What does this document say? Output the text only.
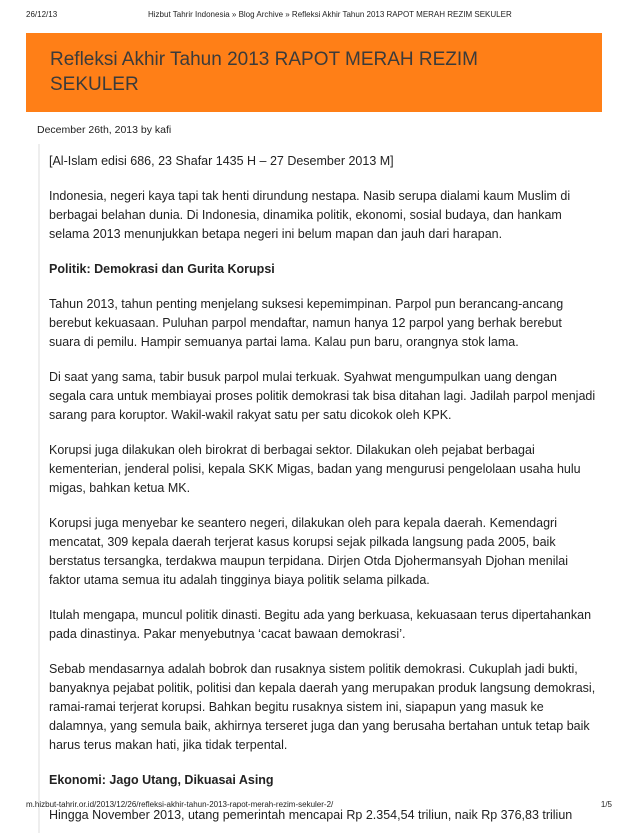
26/12/13	Hizbut Tahrir Indonesia » Blog Archive » Refleksi Akhir Tahun 2013 RAPOT MERAH REZIM SEKULER
Refleksi Akhir Tahun 2013 RAPOT MERAH REZIM SEKULER
December 26th, 2013 by kafi

[Al-Islam edisi 686, 23 Shafar 1435 H – 27 Desember 2013 M]

Indonesia, negeri kaya tapi tak henti dirundung nestapa. Nasib serupa dialami kaum Muslim di berbagai belahan dunia. Di Indonesia, dinamika politik, ekonomi, sosial budaya, dan hankam selama 2013 menunjukkan betapa negeri ini belum mapan dan jauh dari harapan.

Politik: Demokrasi dan Gurita Korupsi

Tahun 2013, tahun penting menjelang suksesi kepemimpinan. Parpol pun berancang-ancang berebut kekuasaan. Puluhan parpol mendaftar, namun hanya 12 parpol yang berhak berebut suara di pemilu. Hampir semuanya partai lama. Kalau pun baru, orangnya stok lama.

Di saat yang sama, tabir busuk parpol mulai terkuak. Syahwat mengumpulkan uang dengan segala cara untuk membiayai proses politik demokrasi tak bisa ditahan lagi. Jadilah parpol menjadi sarang para koruptor. Wakil-wakil rakyat satu per satu dicokok oleh KPK.

Korupsi juga dilakukan oleh birokrat di berbagai sektor. Dilakukan oleh pejabat berbagai kementerian, jenderal polisi, kepala SKK Migas, badan yang mengurusi pengelolaan usaha hulu migas, bahkan ketua MK.

Korupsi juga menyebar ke seantero negeri, dilakukan oleh para kepala daerah. Kemendagri mencatat, 309 kepala daerah terjerat kasus korupsi sejak pilkada langsung pada 2005, baik berstatus tersangka, terdakwa maupun terpidana. Dirjen Otda Djohermansyah Djohan menilai faktor utama semua itu adalah tingginya biaya politik selama pilkada.

Itulah mengapa, muncul politik dinasti. Begitu ada yang berkuasa, kekuasaan terus dipertahankan pada dinastinya. Pakar menyebutnya ‘cacat bawaan demokrasi’.

Sebab mendasarnya adalah bobrok dan rusaknya sistem politik demokrasi. Cukuplah jadi bukti, banyaknya pejabat politik, politisi dan kepala daerah yang merupakan produk langsung demokrasi, ramai-ramai terjerat korupsi. Bahkan begitu rusaknya sistem ini, siapapun yang masuk ke dalamnya, yang semula baik, akhirnya terseret juga dan yang berusaha bertahan untuk tetap baik harus terus makan hati, jika tidak terpental.

Ekonomi: Jago Utang, Dikuasai Asing

Hingga November 2013, utang pemerintah mencapai Rp 2.354,54 triliun, naik Rp 376,83 triliun

m.hizbut-tahrir.or.id/2013/12/26/refleksi-akhir-tahun-2013-rapot-merah-rezim-sekuler-2/	1/5
